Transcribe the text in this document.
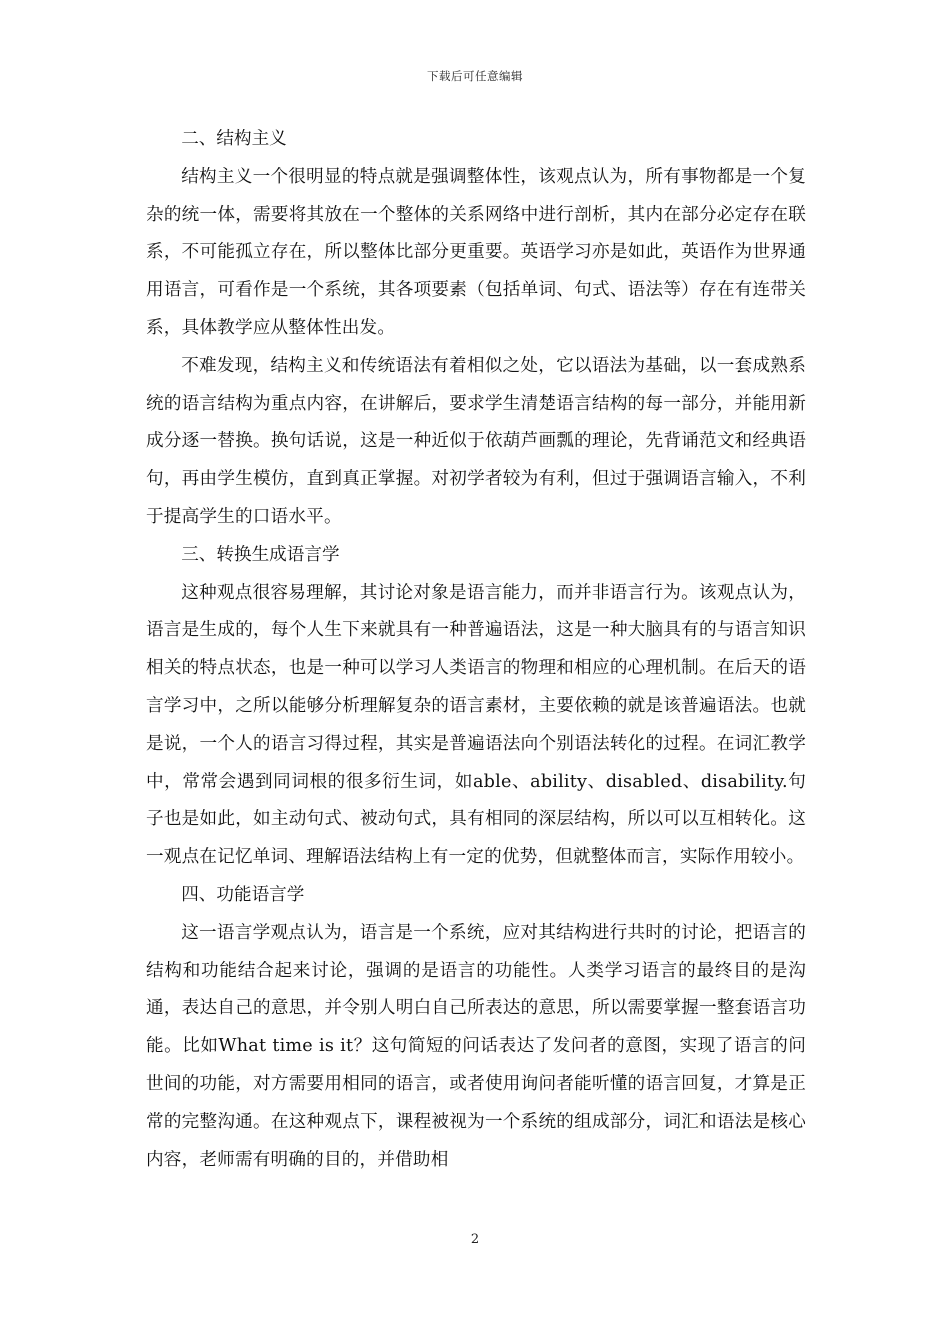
下载后可任意编辑

二、结构主义

结构主义一个很明显的特点就是强调整体性，该观点认为，所有事物都是一个复杂的统一体，需要将其放在一个整体的关系网络中进行剖析，其内在部分必定存在联系，不可能孤立存在，所以整体比部分更重要。英语学习亦是如此，英语作为世界通用语言，可看作是一个系统，其各项要素（包括单词、句式、语法等）存在有连带关系，具体教学应从整体性出发。

不难发现，结构主义和传统语法有着相似之处，它以语法为基础，以一套成熟系统的语言结构为重点内容，在讲解后，要求学生清楚语言结构的每一部分，并能用新成分逐一替换。换句话说，这是一种近似于依葫芦画瓢的理论，先背诵范文和经典语句，再由学生模仿，直到真正掌握。对初学者较为有利，但过于强调语言输入，不利于提高学生的口语水平。

三、转换生成语言学

这种观点很容易理解，其讨论对象是语言能力，而并非语言行为。该观点认为，语言是生成的，每个人生下来就具有一种普遍语法，这是一种大脑具有的与语言知识相关的特点状态，也是一种可以学习人类语言的物理和相应的心理机制。在后天的语言学习中，之所以能够分析理解复杂的语言素材，主要依赖的就是该普遍语法。也就是说，一个人的语言习得过程，其实是普遍语法向个别语法转化的过程。在词汇教学中，常常会遇到同词根的很多衍生词，如able、ability、disabled、disability.句子也是如此，如主动句式、被动句式，具有相同的深层结构，所以可以互相转化。这一观点在记忆单词、理解语法结构上有一定的优势，但就整体而言，实际作用较小。

四、功能语言学

这一语言学观点认为，语言是一个系统，应对其结构进行共时的讨论，把语言的结构和功能结合起来讨论，强调的是语言的功能性。人类学习语言的最终目的是沟通，表达自己的意思，并令别人明白自己所表达的意思，所以需要掌握一整套语言功能。比如What time is it？这句简短的问话表达了发问者的意图，实现了语言的问世间的功能，对方需要用相同的语言，或者使用询问者能听懂的语言回复，才算是正常的完整沟通。在这种观点下，课程被视为一个系统的组成部分，词汇和语法是核心内容，老师需有明确的目的，并借助相

2
